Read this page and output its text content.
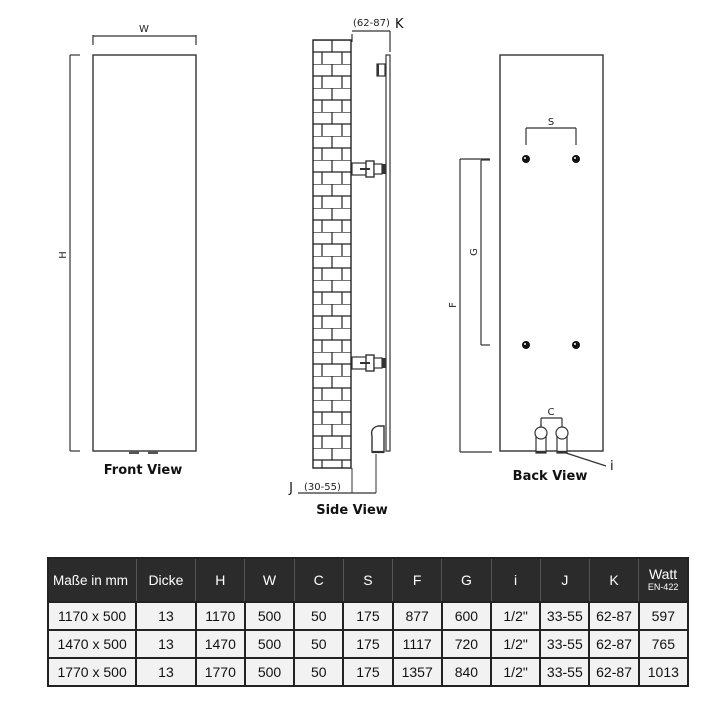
W
H
Front View
(62-87) K
J (30-55)
Side View
S
G
F
C
i
Back View
Maße in mm	Dicke	H	W	C	S	F	G	i	J	K	Watt
EN-422

1170 x 500	13	1170	500	50	175	877	600	1/2"	33-55	62-87	597
1470 x 500	13	1470	500	50	175	1117	720	1/2"	33-55	62-87	765
1770 x 500	13	1770	500	50	175	1357	840	1/2"	33-55	62-87	1013
